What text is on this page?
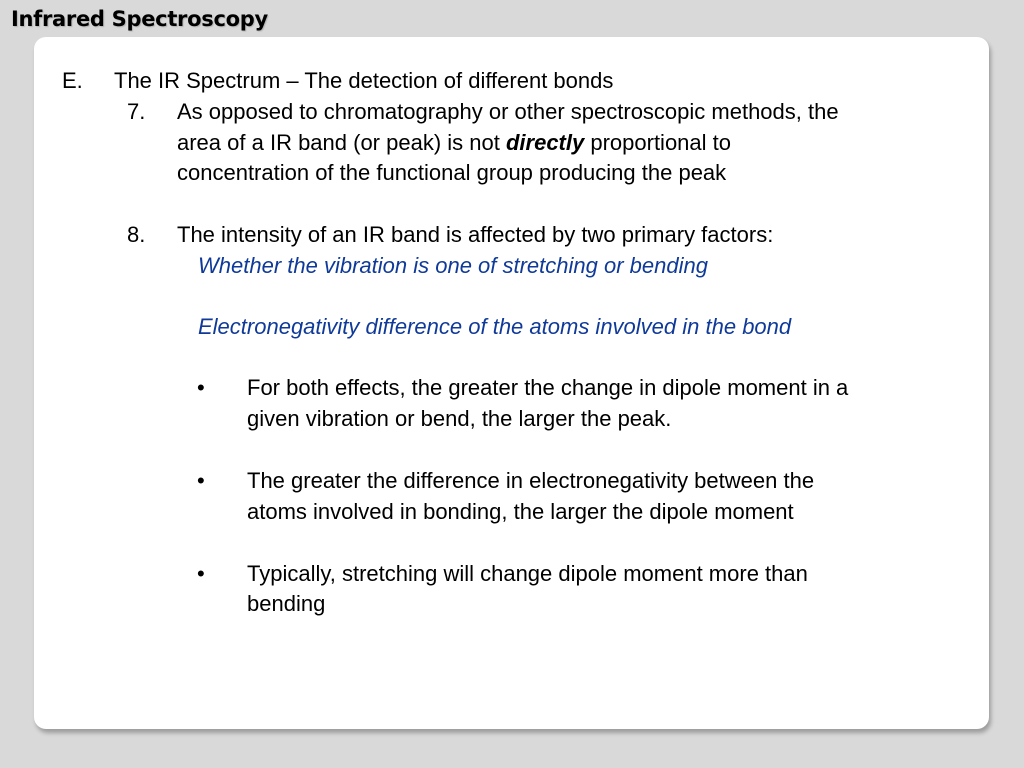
Infrared Spectroscopy
E. The IR Spectrum – The detection of different bonds
7. As opposed to chromatography or other spectroscopic methods, the
area of a IR band (or peak) is not directly proportional to
concentration of the functional group producing the peak
8. The intensity of an IR band is affected by two primary factors:
Whether the vibration is one of stretching or bending
Electronegativity difference of the atoms involved in the bond
• For both effects, the greater the change in dipole moment in a
given vibration or bend, the larger the peak.
• The greater the difference in electronegativity between the
atoms involved in bonding, the larger the dipole moment
• Typically, stretching will change dipole moment more than
bending
